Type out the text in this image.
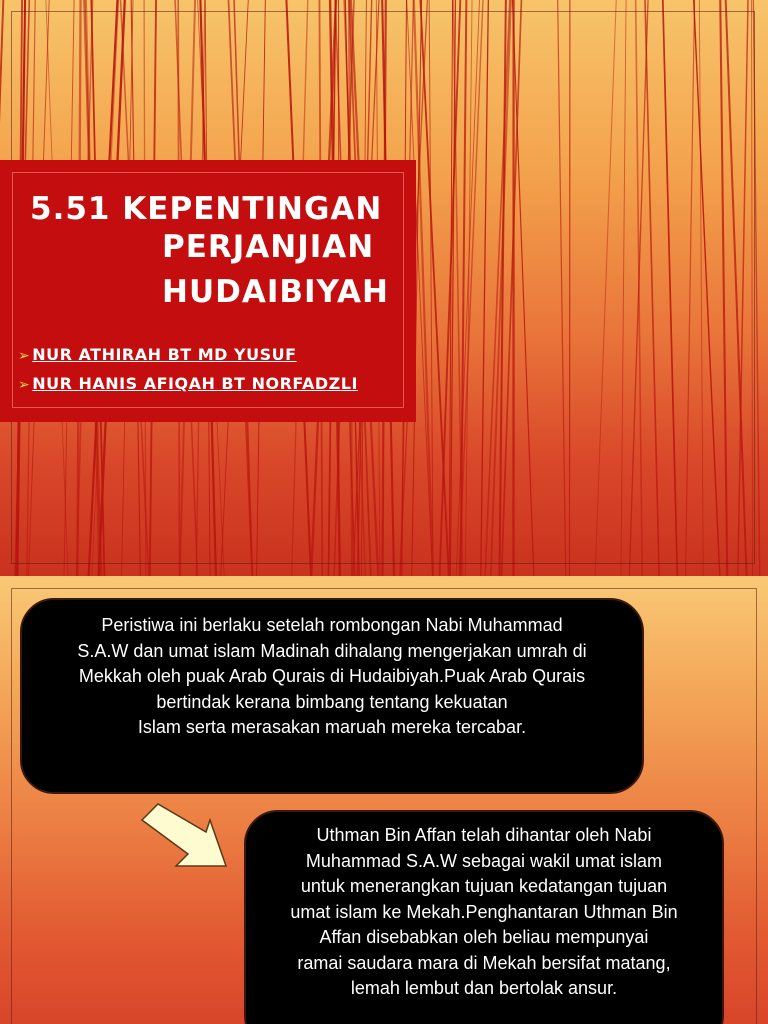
5.51 KEPENTINGAN
PERJANJIAN
HUDAIBIYAH
➢ NUR ATHIRAH BT MD YUSUF
➢ NUR HANIS AFIQAH BT NORFADZLI
Peristiwa ini berlaku setelah rombongan Nabi Muhammad
S.A.W dan umat islam Madinah dihalang mengerjakan umrah di
Mekkah oleh puak Arab Qurais di Hudaibiyah.Puak Arab Qurais
bertindak kerana bimbang tentang kekuatan
Islam serta merasakan maruah mereka tercabar.
Uthman Bin Affan telah dihantar oleh Nabi
Muhammad S.A.W sebagai wakil umat islam
untuk menerangkan tujuan kedatangan tujuan
umat islam ke Mekah.Penghantaran Uthman Bin
Affan disebabkan oleh beliau mempunyai
ramai saudara mara di Mekah bersifat matang,
lemah lembut dan bertolak ansur.
